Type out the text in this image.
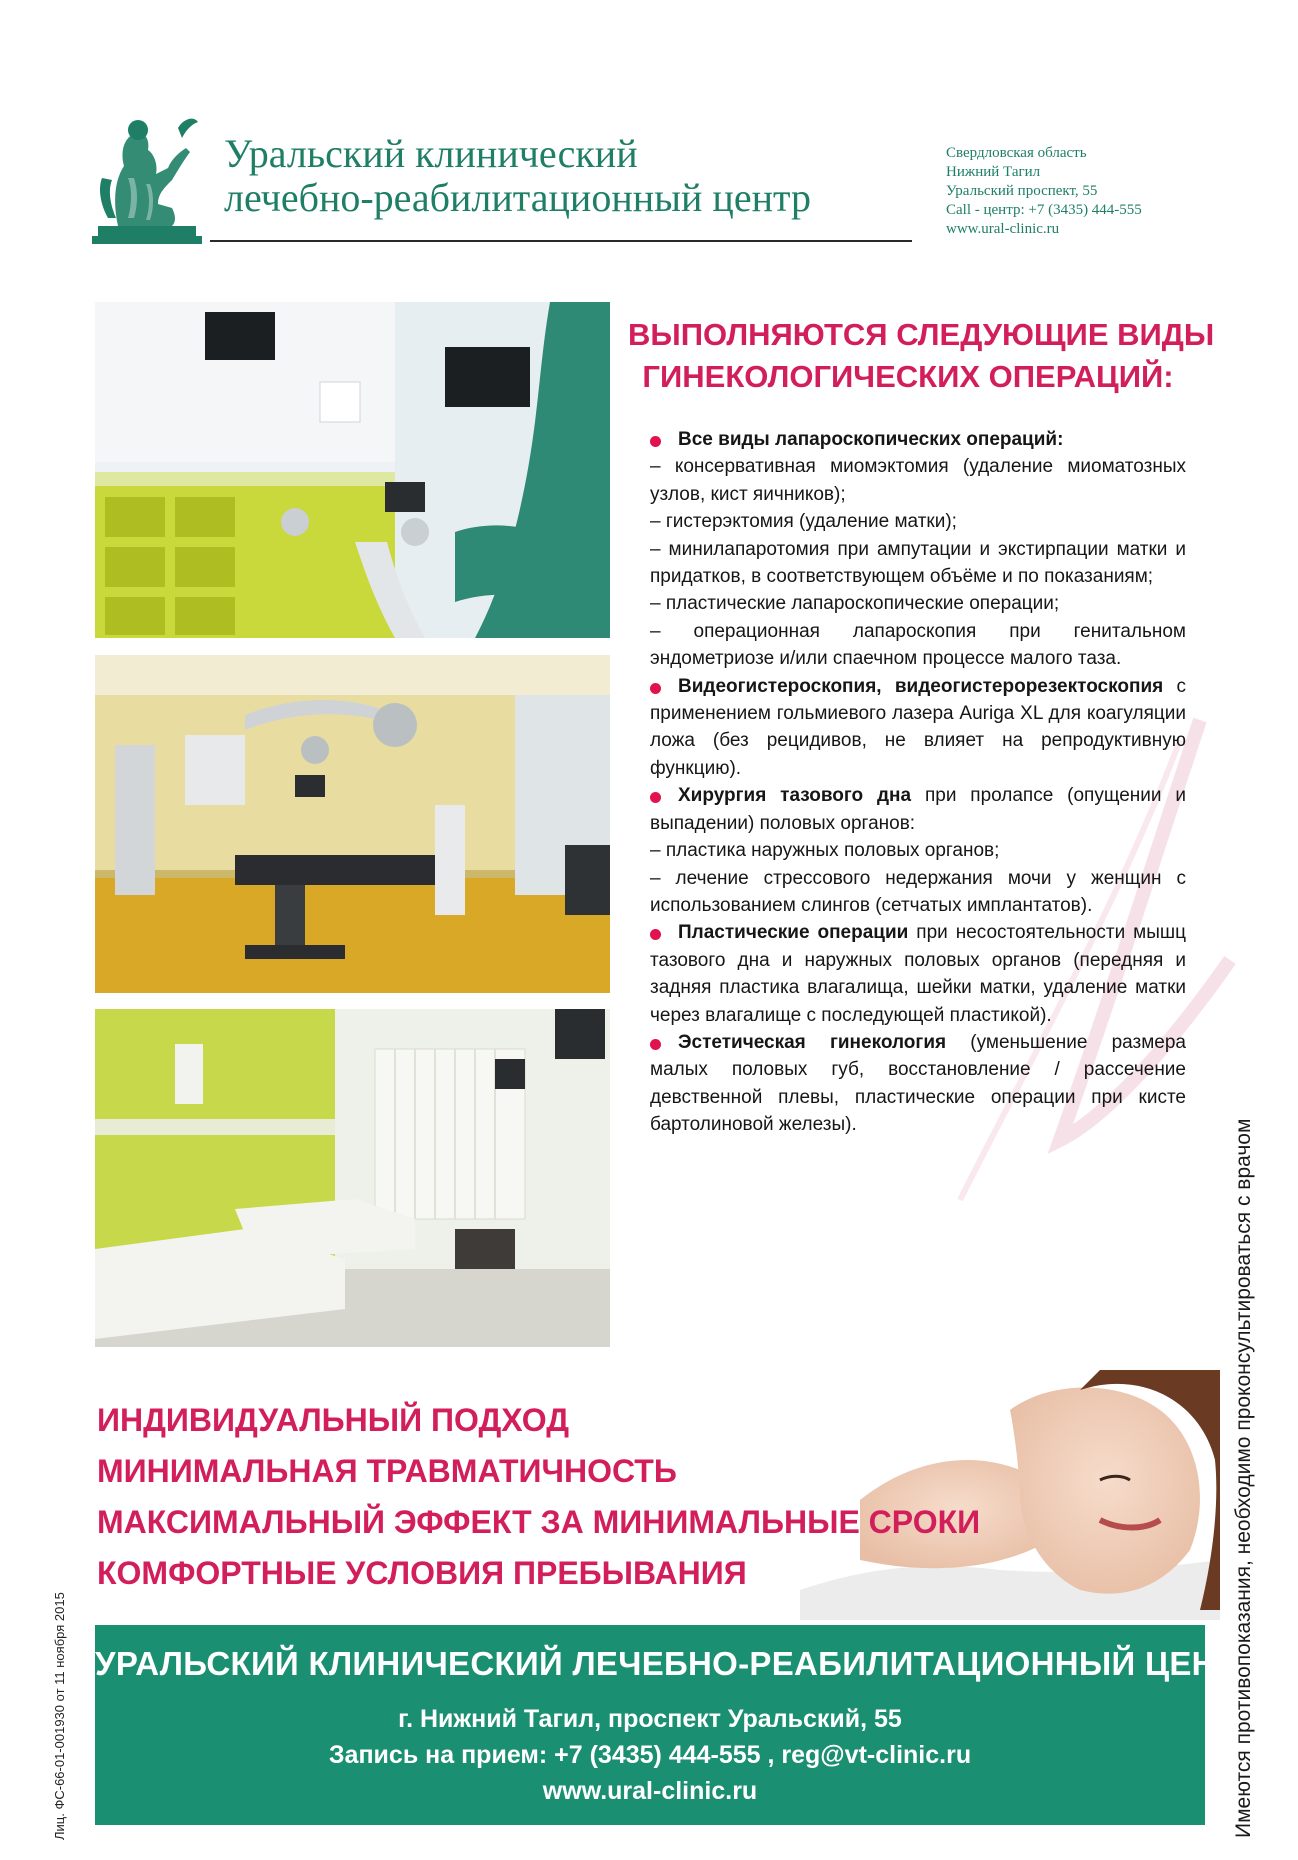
Уральский клинический
лечебно-реабилитационный центр
Свердловская область
Нижний Тагил
Уральский проспект, 55
Call - центр: +7 (3435) 444-555
www.ural-clinic.ru
ВЫПОЛНЯЮТСЯ СЛЕДУЮЩИЕ ВИДЫ
ГИНЕКОЛОГИЧЕСКИХ ОПЕРАЦИЙ:

Все виды лапароскопических операций:

– консервативная миомэктомия (удаление миоматозных узлов, кист яичников);

– гистерэктомия (удаление матки);

– минилапаротомия при ампутации и экстирпации матки и придатков, в соответствующем объёме и по показаниям;

– пластические лапароскопические операции;

– операционная лапароскопия при генитальном эндометриозе и/или спаечном процессе малого таза.

Видеогистероскопия, видеогистерорезектоскопия с применением гольмиевого лазера Auriga XL для коагуляции ложа (без рецидивов, не влияет на репродуктивную функцию).

Хирургия тазового дна при пролапсе (опущении и выпадении) половых органов:

– пластика наружных половых органов;

– лечение стрессового недержания мочи у женщин с использованием слингов (сетчатых имплантатов).

Пластические операции при несостоятельности мышц тазового дна и наружных половых органов (передняя и задняя пластика влагалища, шейки матки, удаление матки через влагалище с последующей пластикой).

Эстетическая гинекология (уменьшение размера малых половых губ, восстановление / рассечение девственной плевы, пластические операции при кисте бартолиновой железы).

ИНДИВИДУАЛЬНЫЙ ПОДХОД
МИНИМАЛЬНАЯ ТРАВМАТИЧНОСТЬ
МАКСИМАЛЬНЫЙ ЭФФЕКТ ЗА МИНИМАЛЬНЫЕ СРОКИ
КОМФОРТНЫЕ УСЛОВИЯ ПРЕБЫВАНИЯ
УРАЛЬСКИЙ КЛИНИЧЕСКИЙ ЛЕЧЕБНО-РЕАБИЛИТАЦИОННЫЙ ЦЕНТР
г. Нижний Тагил, проспект Уральский, 55
Запись на прием: +7 (3435) 444-555 , reg@vt-clinic.ru
www.ural-clinic.ru
Лиц. ФС-66-01-001930 от 11 ноября 2015	Имеются противопоказания, необходимо проконсультироваться с врачом
